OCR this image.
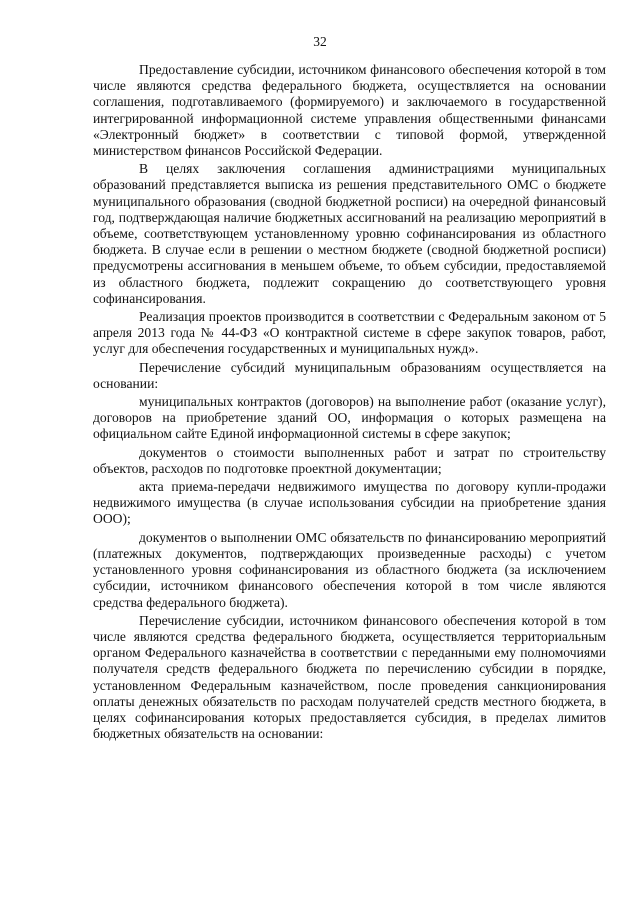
32

Предоставление субсидии, источником финансового обеспечения которой в том числе являются средства федерального бюджета, осуществляется на основании соглашения, подготавливаемого (формируемого) и заключаемого в государственной интегрированной информационной системе управления общественными финансами «Электронный бюджет» в соответствии с типовой формой, утвержденной министерством финансов Российской Федерации.

В целях заключения соглашения администрациями муниципальных образований представляется выписка из решения представительного ОМС о бюджете муниципального образования (сводной бюджетной росписи) на очередной финансовый год, подтверждающая наличие бюджетных ассигнований на реализацию мероприятий в объеме, соответствующем установленному уровню софинансирования из областного бюджета. В случае если в решении о местном бюджете (сводной бюджетной росписи) предусмотрены ассигнования в меньшем объеме, то объем субсидии, предоставляемой из областного бюджета, подлежит сокращению до соответствующего уровня софинансирования.

Реализация проектов производится в соответствии с Федеральным законом от 5 апреля 2013 года № 44-ФЗ «О контрактной системе в сфере закупок товаров, работ, услуг для обеспечения государственных и муниципальных нужд».

Перечисление субсидий муниципальным образованиям осуществляется на основании:

муниципальных контрактов (договоров) на выполнение работ (оказание услуг), договоров на приобретение зданий ОО, информация о которых размещена на официальном сайте Единой информационной системы в сфере закупок;

документов о стоимости выполненных работ и затрат по строительству объектов, расходов по подготовке проектной документации;

акта приема-передачи недвижимого имущества по договору купли-продажи недвижимого имущества (в случае использования субсидии на приобретение здания ООО);

документов о выполнении ОМС обязательств по финансированию мероприятий (платежных документов, подтверждающих произведенные расходы) с учетом установленного уровня софинансирования из областного бюджета (за исключением субсидии, источником финансового обеспечения которой в том числе являются средства федерального бюджета).

Перечисление субсидии, источником финансового обеспечения которой в том числе являются средства федерального бюджета, осуществляется территориальным органом Федерального казначейства в соответствии с переданными ему полномочиями получателя средств федерального бюджета по перечислению субсидии в порядке, установленном Федеральным казначейством, после проведения санкционирования оплаты денежных обязательств по расходам получателей средств местного бюджета, в целях софинансирования которых предоставляется субсидия, в пределах лимитов бюджетных обязательств на основании:
